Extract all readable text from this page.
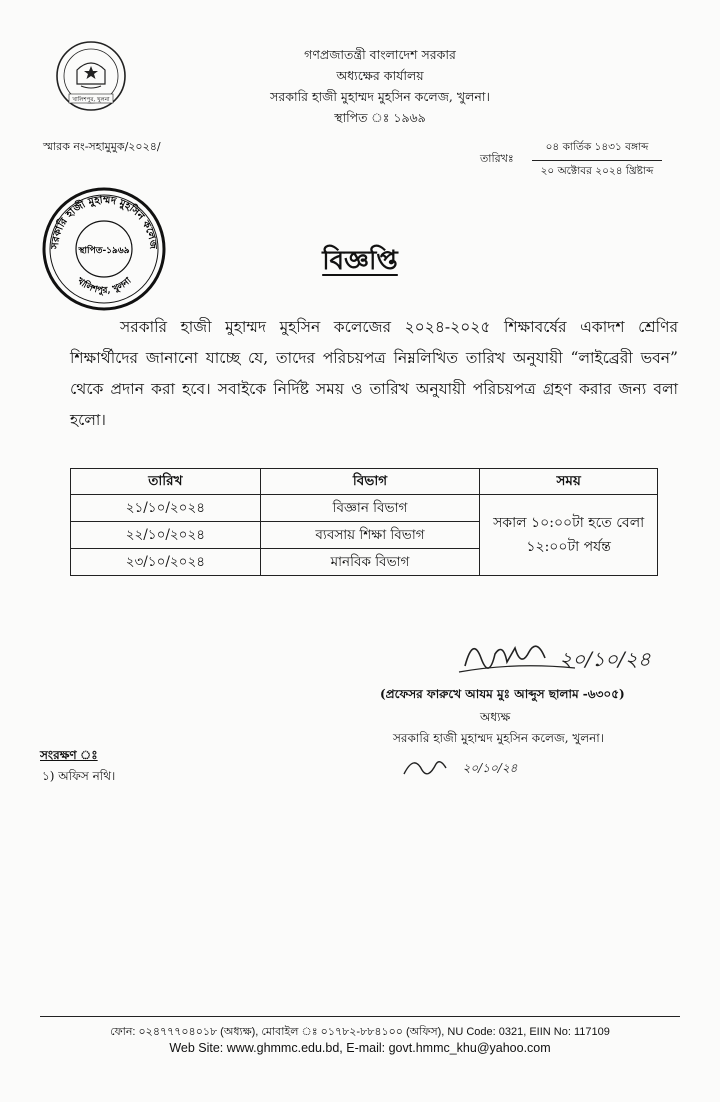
খালিশপুর, খুলনা
গণপ্রজাতন্ত্রী বাংলাদেশ সরকার
অধ্যক্ষের কার্যালয়
সরকারি হাজী মুহাম্মদ মুহসিন কলেজ, খুলনা।
স্থাপিত ঃ ১৯৬৯
স্মারক নং-সহামুমুক/২০২৪/
তারিখঃ
০৪ কার্তিক ১৪৩১ বঙ্গাব্দ
২০ অক্টোবর ২০২৪ খ্রিষ্টাব্দ
সরকারি হাজী মুহাম্মদ মুহসিন কলেজ
খালিশপুর, খুলনা
স্থাপিত-১৯৬৯	বিজ্ঞপ্তি
সরকারি হাজী মুহাম্মদ মুহসিন কলেজের ২০২৪-২০২৫ শিক্ষাবর্ষের একাদশ শ্রেণির শিক্ষার্থীদের জানানো যাচ্ছে যে, তাদের পরিচয়পত্র নিম্নলিখিত তারিখ অনুযায়ী “লাইব্রেরী ভবন” থেকে প্রদান করা হবে। সবাইকে নির্দিষ্ট সময় ও তারিখ অনুযায়ী পরিচয়পত্র গ্রহণ করার জন্য বলা হলো।
তারিখ	বিভাগ	সময়
২১/১০/২০২৪	বিজ্ঞান বিভাগ	সকাল ১০:০০টা হতে বেলা
১২:০০টা পর্যন্ত

২২/১০/২০২৪	ব্যবসায় শিক্ষা বিভাগ	
২৩/১০/২০২৪	মানবিক বিভাগ	
২০/১০/২৪
(প্রফেসর ফারুখে আযম মুঃ আব্দুস ছালাম -৬৩০৫)
অধ্যক্ষ
সরকারি হাজী মুহাম্মদ মুহসিন কলেজ, খুলনা।
২০/১০/২৪
সংরক্ষণ ঃ
১) অফিস নথি।
ফোন: ০২৪৭৭৭০৪০১৮ (অধ্যক্ষ), মোবাইল ঃ ০১৭৮২-৮৮৪১০০ (অফিস), NU Code: 0321, EIIN No: 117109
Web Site: www.ghmmc.edu.bd, E-mail: govt.hmmc_khu@yahoo.com
